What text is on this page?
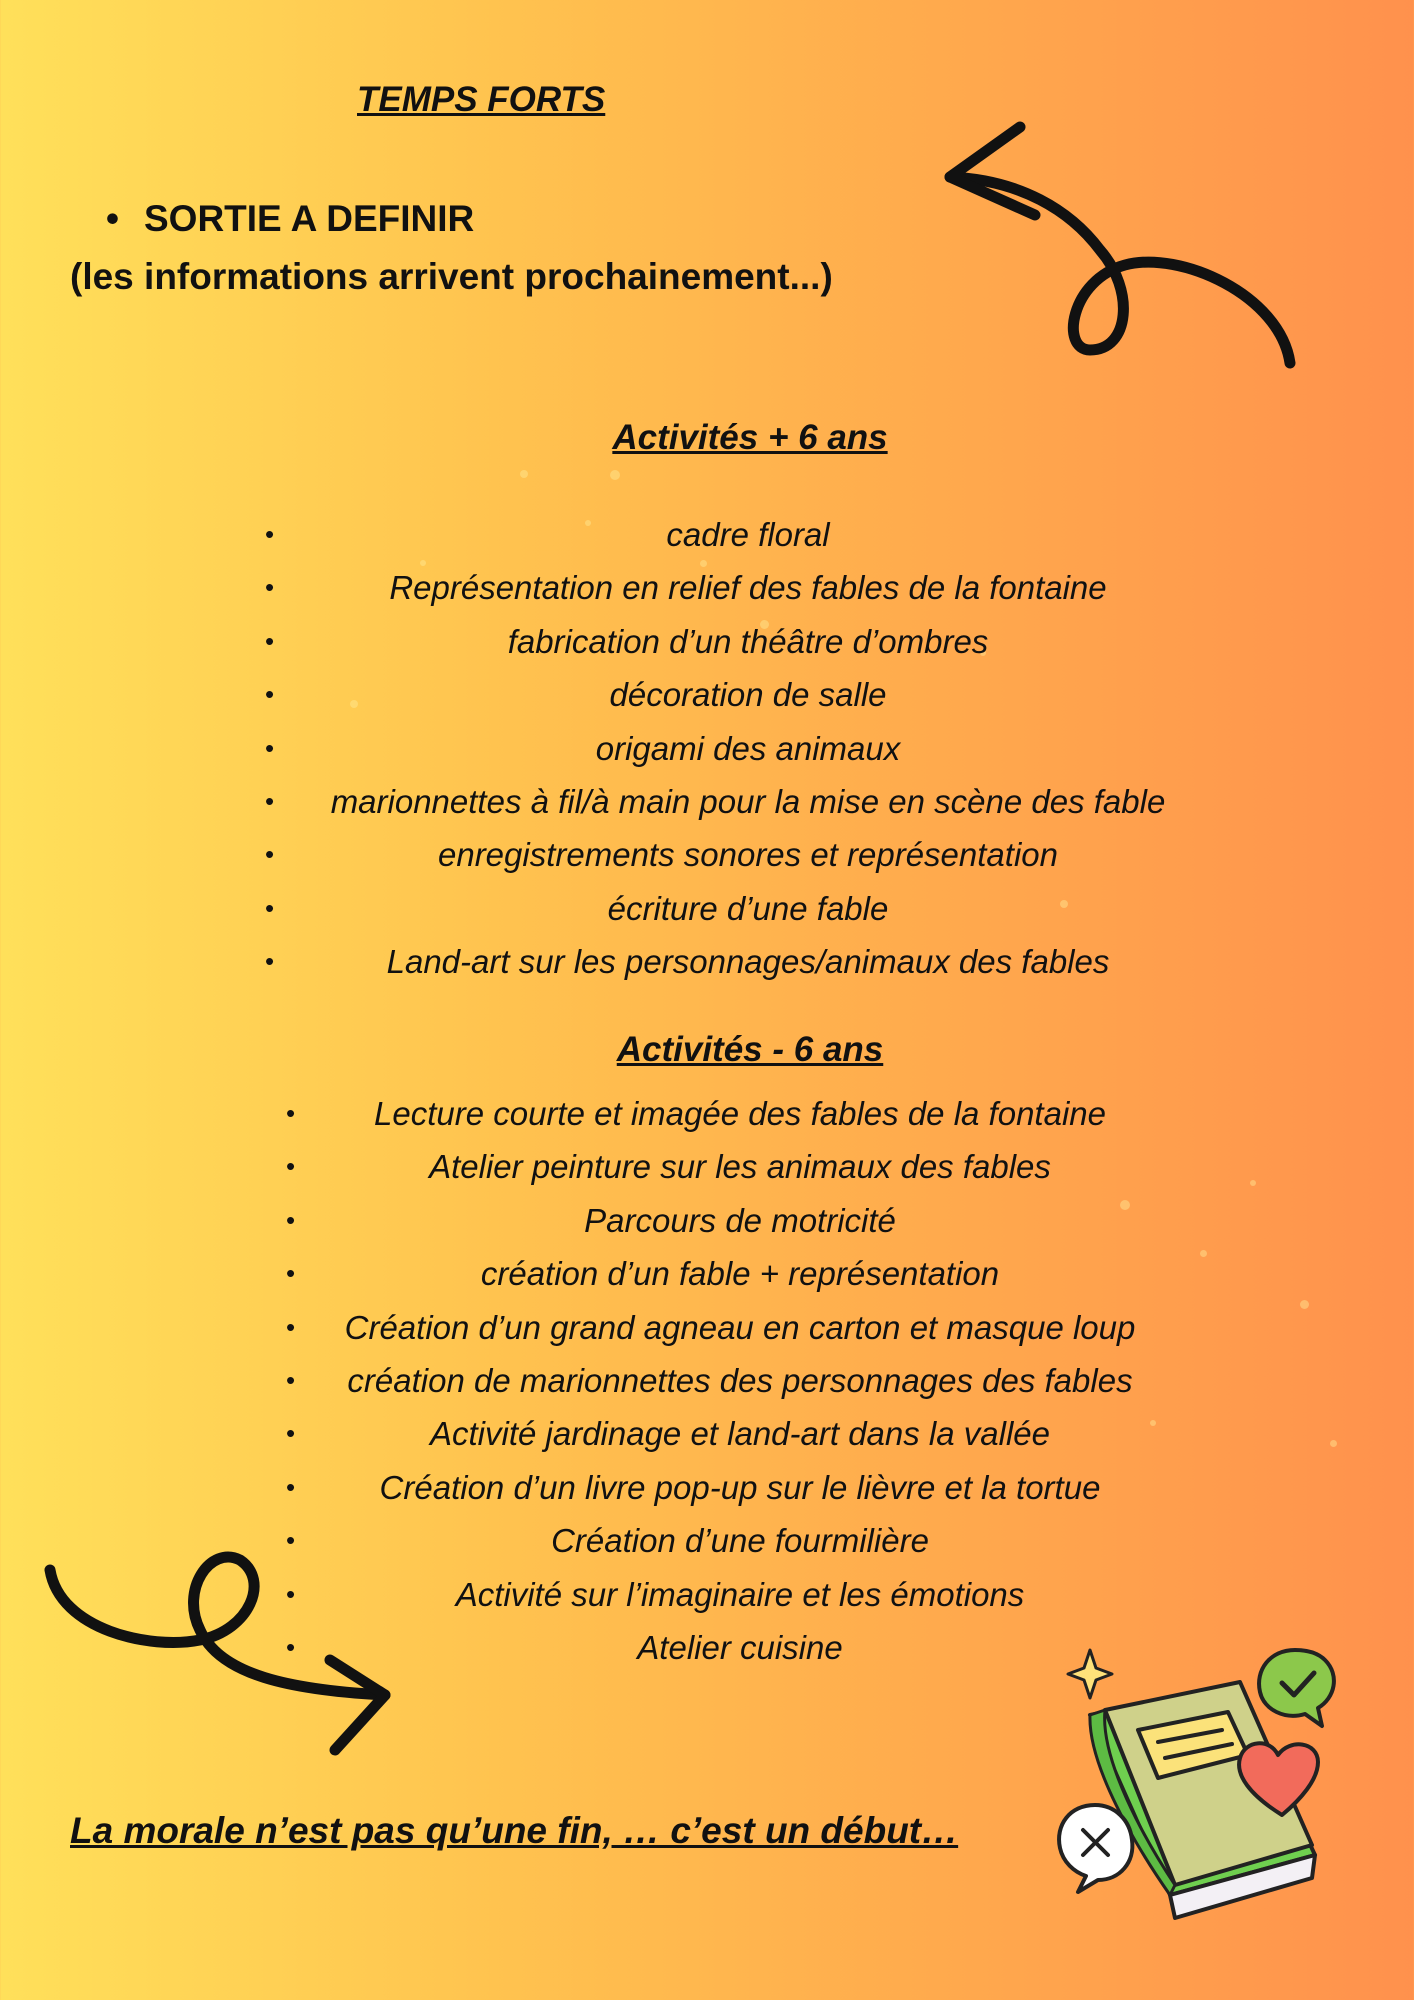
TEMPS FORTS

• SORTIE A DEFINIR

(les informations arrivent prochainement...)

Activités + 6 ans
•	cadre floral
•	Représentation en relief des fables de la fontaine
•	fabrication d’un théâtre d’ombres
•	décoration de salle
•	origami des animaux
• marionnettes à fil/à main pour la mise en scène des fable
•	enregistrements sonores et représentation
•	écriture d’une fable
•	Land-art sur les personnages/animaux des fables
Activités - 6 ans
• Lecture courte et imagée des fables de la fontaine
•	Atelier peinture sur les animaux des fables
•	Parcours de motricité
•	création d’un fable + représentation
• Création d’un grand agneau en carton et masque loup
• création de marionnettes des personnages des fables
•	Activité jardinage et land-art dans la vallée
•	Création d’un livre pop-up sur le lièvre et la tortue
•	Création d’une fourmilière
•	Activité sur l’imaginaire et les émotions
•	Atelier cuisine

La morale n’est pas qu’une fin, … c’est un début…
